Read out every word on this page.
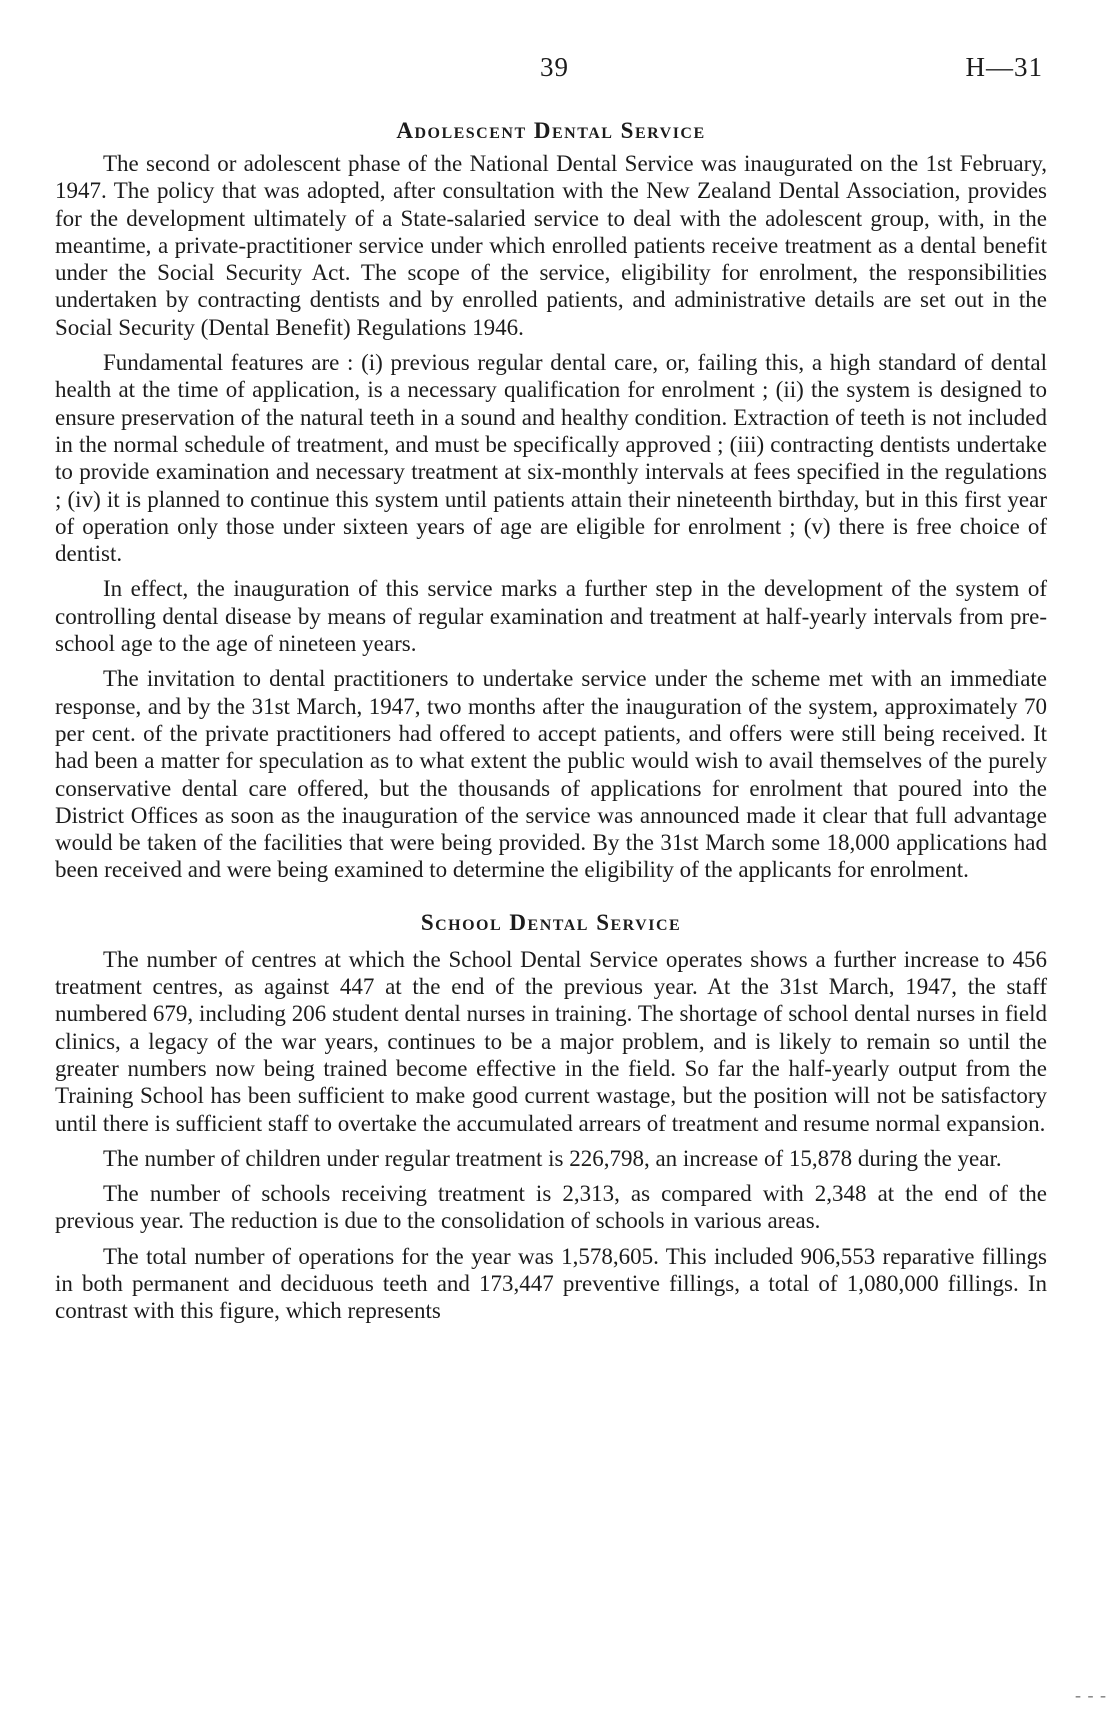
39	H—31
Adolescent Dental Service

The second or adolescent phase of the National Dental Service was inaugurated on the 1st February, 1947. The policy that was adopted, after consultation with the New Zealand Dental Association, provides for the development ultimately of a State-salaried service to deal with the adolescent group, with, in the meantime, a private-practitioner service under which enrolled patients receive treatment as a dental benefit under the Social Security Act. The scope of the service, eligibility for enrolment, the responsibilities undertaken by contracting dentists and by enrolled patients, and administrative details are set out in the Social Security (Dental Benefit) Regulations 1946.

Fundamental features are : (i) previous regular dental care, or, failing this, a high standard of dental health at the time of application, is a necessary qualification for enrolment ; (ii) the system is designed to ensure preservation of the natural teeth in a sound and healthy condition. Extraction of teeth is not included in the normal schedule of treatment, and must be specifically approved ; (iii) contracting dentists undertake to provide examination and necessary treatment at six-monthly intervals at fees specified in the regulations ; (iv) it is planned to continue this system until patients attain their nineteenth birthday, but in this first year of operation only those under sixteen years of age are eligible for enrolment ; (v) there is free choice of dentist.

In effect, the inauguration of this service marks a further step in the development of the system of controlling dental disease by means of regular examination and treatment at half-yearly intervals from pre-school age to the age of nineteen years.

The invitation to dental practitioners to undertake service under the scheme met with an immediate response, and by the 31st March, 1947, two months after the inauguration of the system, approximately 70 per cent. of the private practitioners had offered to accept patients, and offers were still being received. It had been a matter for speculation as to what extent the public would wish to avail themselves of the purely conservative dental care offered, but the thousands of applications for enrolment that poured into the District Offices as soon as the inauguration of the service was announced made it clear that full advantage would be taken of the facilities that were being provided. By the 31st March some 18,000 applications had been received and were being examined to determine the eligibility of the applicants for enrolment.

School Dental Service

The number of centres at which the School Dental Service operates shows a further increase to 456 treatment centres, as against 447 at the end of the previous year. At the 31st March, 1947, the staff numbered 679, including 206 student dental nurses in training. The shortage of school dental nurses in field clinics, a legacy of the war years, continues to be a major problem, and is likely to remain so until the greater numbers now being trained become effective in the field. So far the half-yearly output from the Training School has been sufficient to make good current wastage, but the position will not be satisfactory until there is sufficient staff to overtake the accumulated arrears of treatment and resume normal expansion.

The number of children under regular treatment is 226,798, an increase of 15,878 during the year.

The number of schools receiving treatment is 2,313, as compared with 2,348 at the end of the previous year. The reduction is due to the consolidation of schools in various areas.

The total number of operations for the year was 1,578,605. This included 906,553 reparative fillings in both permanent and deciduous teeth and 173,447 preventive fillings, a total of 1,080,000 fillings. In contrast with this figure, which represents

- - -
